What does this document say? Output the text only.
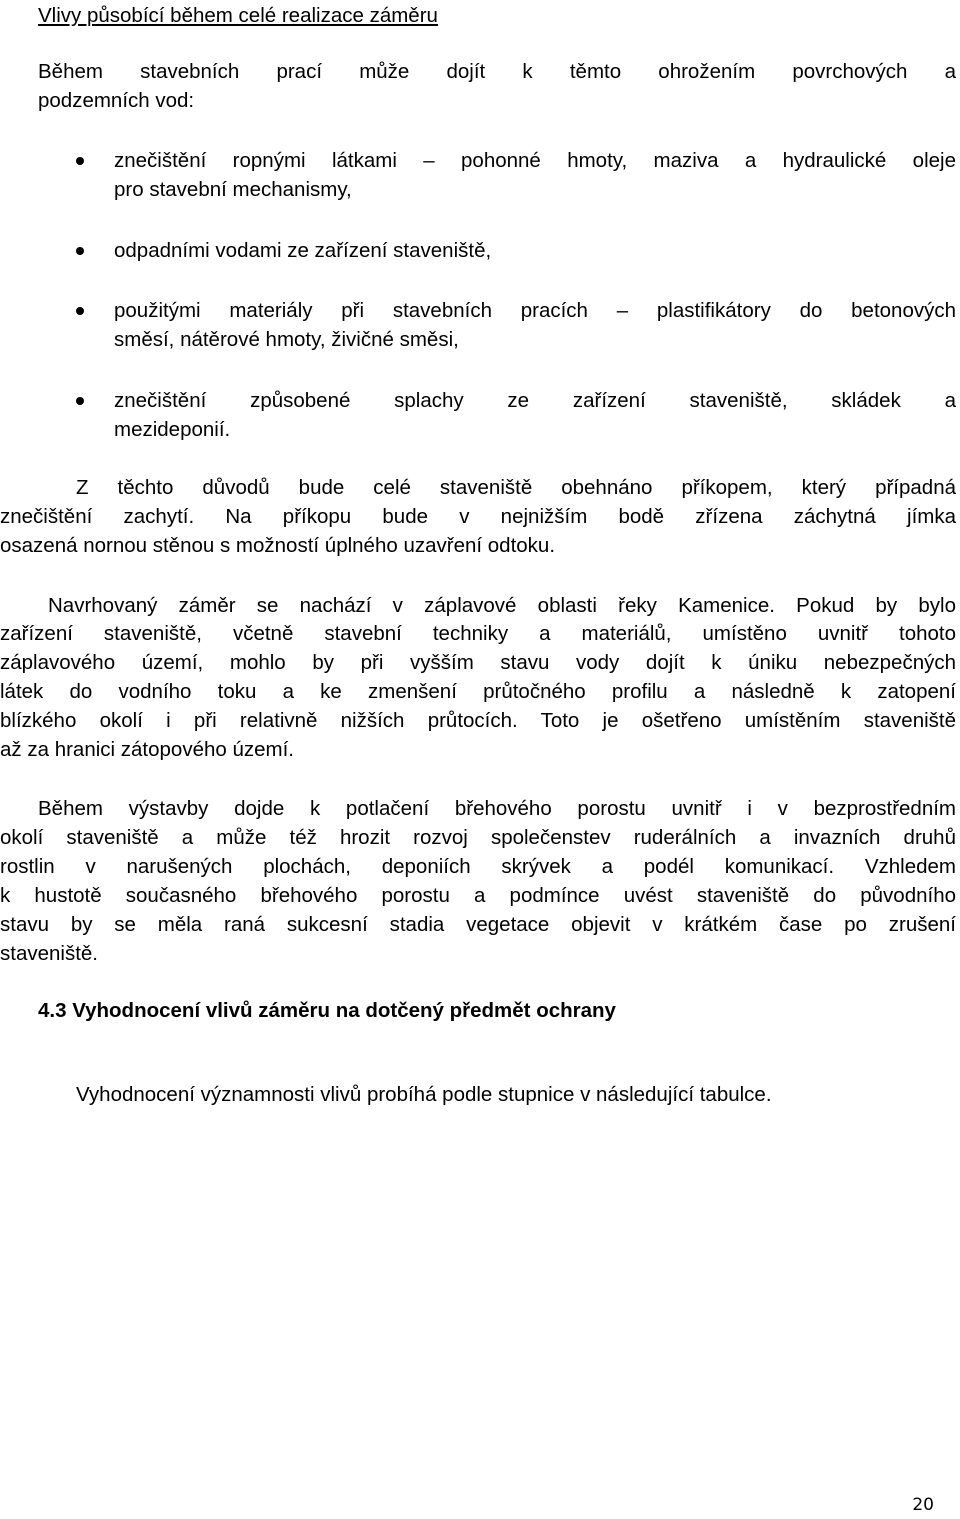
Vlivy působící během celé realizace záměru
Během stavebních prací může dojít k těmto ohrožením povrchových a
podzemních vod:
znečištění ropnými látkami – pohonné hmoty, maziva a hydraulické oleje
pro stavební mechanismy,
odpadními vodami ze zařízení staveniště,
použitými materiály při stavebních pracích – plastifikátory do betonových
směsí, nátěrové hmoty, živičné směsi,
znečištění způsobené splachy ze zařízení staveniště, skládek a
mezideponií.
Z těchto důvodů bude celé staveniště obehnáno příkopem, který případná
znečištění zachytí. Na příkopu bude v nejnižším bodě zřízena záchytná jímka
osazená nornou stěnou s možností úplného uzavření odtoku.
Navrhovaný záměr se nachází v záplavové oblasti řeky Kamenice. Pokud by bylo
zařízení staveniště, včetně stavební techniky a materiálů, umístěno uvnitř tohoto
záplavového území, mohlo by při vyšším stavu vody dojít k úniku nebezpečných
látek do vodního toku a ke zmenšení průtočného profilu a následně k zatopení
blízkého okolí i při relativně nižších průtocích. Toto je ošetřeno umístěním staveniště
až za hranici zátopového území.
Během výstavby dojde k potlačení břehového porostu uvnitř i v bezprostředním
okolí staveniště a může též hrozit rozvoj společenstev ruderálních a invazních druhů
rostlin v narušených plochách, deponiích skrývek a podél komunikací. Vzhledem
k hustotě současného břehového porostu a podmínce uvést staveniště do původního
stavu by se měla raná sukcesní stadia vegetace objevit v krátkém čase po zrušení
staveniště.
4.3 Vyhodnocení vlivů záměru na dotčený předmět ochrany
Vyhodnocení významnosti vlivů probíhá podle stupnice v následující tabulce.
20
